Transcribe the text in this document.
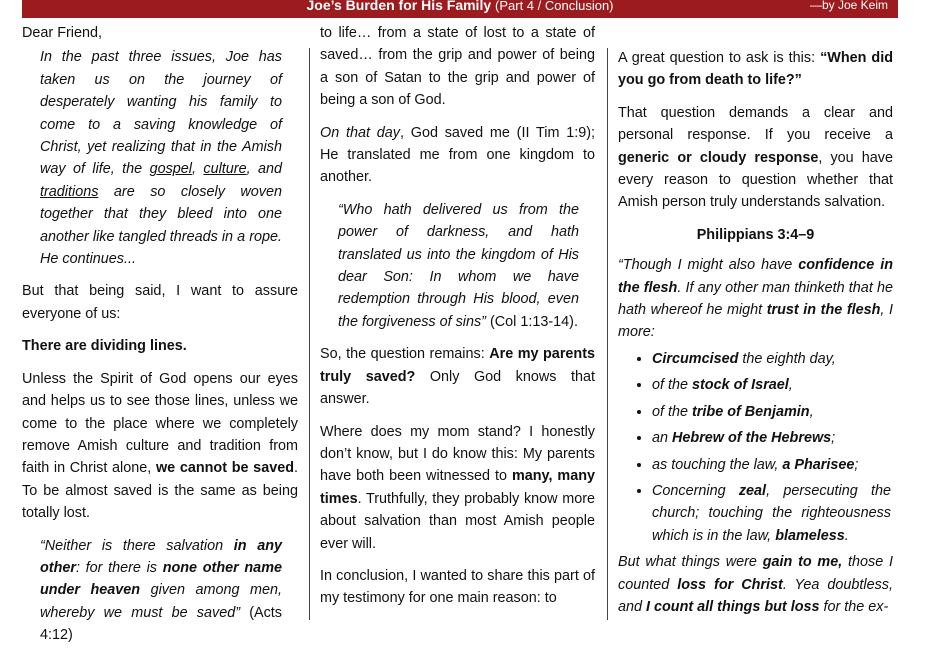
Joe’s Burden for His Family (Part 4 / Conclusion)	—by Joe Keim

Dear Friend,

In the past three issues, Joe has taken us on the journey of desperately wanting his family to come to a saving knowledge of Christ, yet realizing that in the Amish way of life, the gospel, culture, and traditions are so closely woven together that they bleed into one another like tangled threads in a rope. He continues...

But that being said, I want to assure everyone of us:

There are dividing lines.

Unless the Spirit of God opens our eyes and helps us to see those lines, unless we come to the place where we completely remove Amish culture and tradition from faith in Christ alone, we cannot be saved. To be almost saved is the same as being totally lost.

“Neither is there salvation in any other: for there is none other name under heaven given among men, whereby we must be saved” (Acts 4:12)

to life… from a state of lost to a state of saved… from the grip and power of being a son of Satan to the grip and power of being a son of God.

On that day, God saved me (II Tim 1:9); He translated me from one kingdom to another.

“Who hath delivered us from the power of darkness, and hath translated us into the kingdom of His dear Son: In whom we have redemption through His blood, even the forgiveness of sins” (Col 1:13-14).

So, the question remains: Are my parents truly saved? Only God knows that answer.

Where does my mom stand? I honestly don’t know, but I do know this: My parents have both been witnessed to many, many times. Truthfully, they probably know more about salvation than most Amish people ever will.

In conclusion, I wanted to share this part of my testimony for one main reason: to

A great question to ask is this: “When did you go from death to life?”

That question demands a clear and personal response. If you receive a generic or cloudy response, you have every reason to question whether that Amish person truly understands salvation.

Philippians 3:4–9

“Though I might also have confidence in the flesh. If any other man thinketh that he hath whereof he might trust in the flesh, I more:

• Circumcised the eighth day,
• of the stock of Israel,
• of the tribe of Benjamin,
• an Hebrew of the Hebrews;
• as touching the law, a Pharisee;
• Concerning zeal, persecuting the church; touching the righteousness which is in the law, blameless.

But what things were gain to me, those I counted loss for Christ. Yea doubtless, and I count all things but loss for the ex-
